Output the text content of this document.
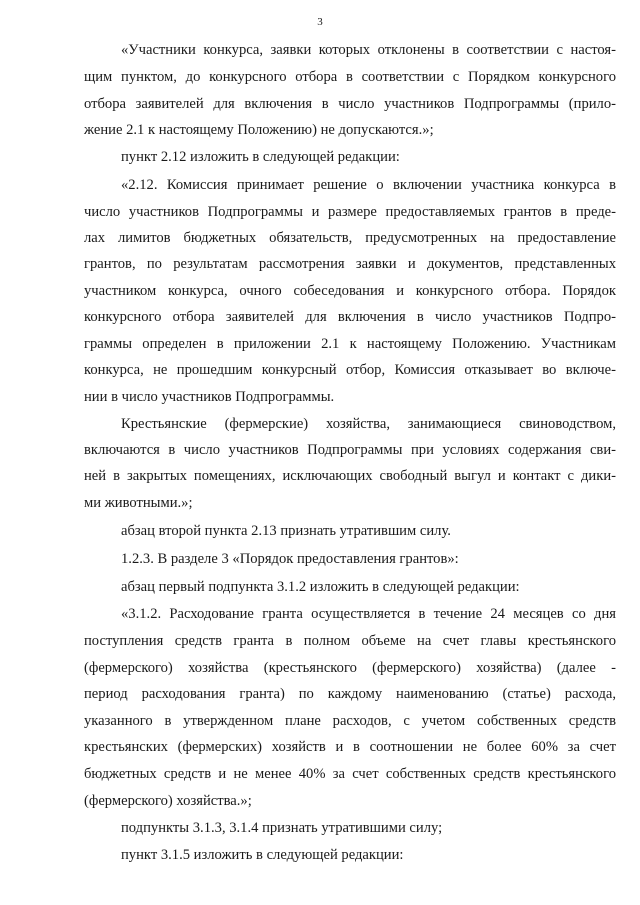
3
«Участники конкурса, заявки которых отклонены в соответствии с настоя-
щим пунктом, до конкурсного отбора в соответствии с Порядком конкурсного
отбора заявителей для включения в число участников Подпрограммы (прило-
жение 2.1 к настоящему Положению) не допускаются.»;
пункт 2.12 изложить в следующей редакции:
«2.12. Комиссия принимает решение о включении участника конкурса в
число участников Подпрограммы и размере предоставляемых грантов в преде-
лах лимитов бюджетных обязательств, предусмотренных на предоставление
грантов, по результатам рассмотрения заявки и документов, представленных
участником конкурса, очного собеседования и конкурсного отбора. Порядок
конкурсного отбора заявителей для включения в число участников Подпро-
граммы определен в приложении 2.1 к настоящему Положению. Участникам
конкурса, не прошедшим конкурсный отбор, Комиссия отказывает во включе-
нии в число участников Подпрограммы.
Крестьянские (фермерские) хозяйства, занимающиеся свиноводством,
включаются в число участников Подпрограммы при условиях содержания сви-
ней в закрытых помещениях, исключающих свободный выгул и контакт с дики-
ми животными.»;
абзац второй пункта 2.13 признать утратившим силу.
1.2.3. В разделе 3 «Порядок предоставления грантов»:
абзац первый подпункта 3.1.2 изложить в следующей редакции:
«3.1.2. Расходование гранта осуществляется в течение 24 месяцев со дня
поступления средств гранта в полном объеме на счет главы крестьянского
(фермерского) хозяйства (крестьянского (фермерского) хозяйства) (далее -
период расходования гранта) по каждому наименованию (статье) расхода,
указанного в утвержденном плане расходов, с учетом собственных средств
крестьянских (фермерских) хозяйств и в соотношении не более 60% за счет
бюджетных средств и не менее 40% за счет собственных средств крестьянского
(фермерского) хозяйства.»;
подпункты 3.1.3, 3.1.4 признать утратившими силу;
пункт 3.1.5 изложить в следующей редакции:
